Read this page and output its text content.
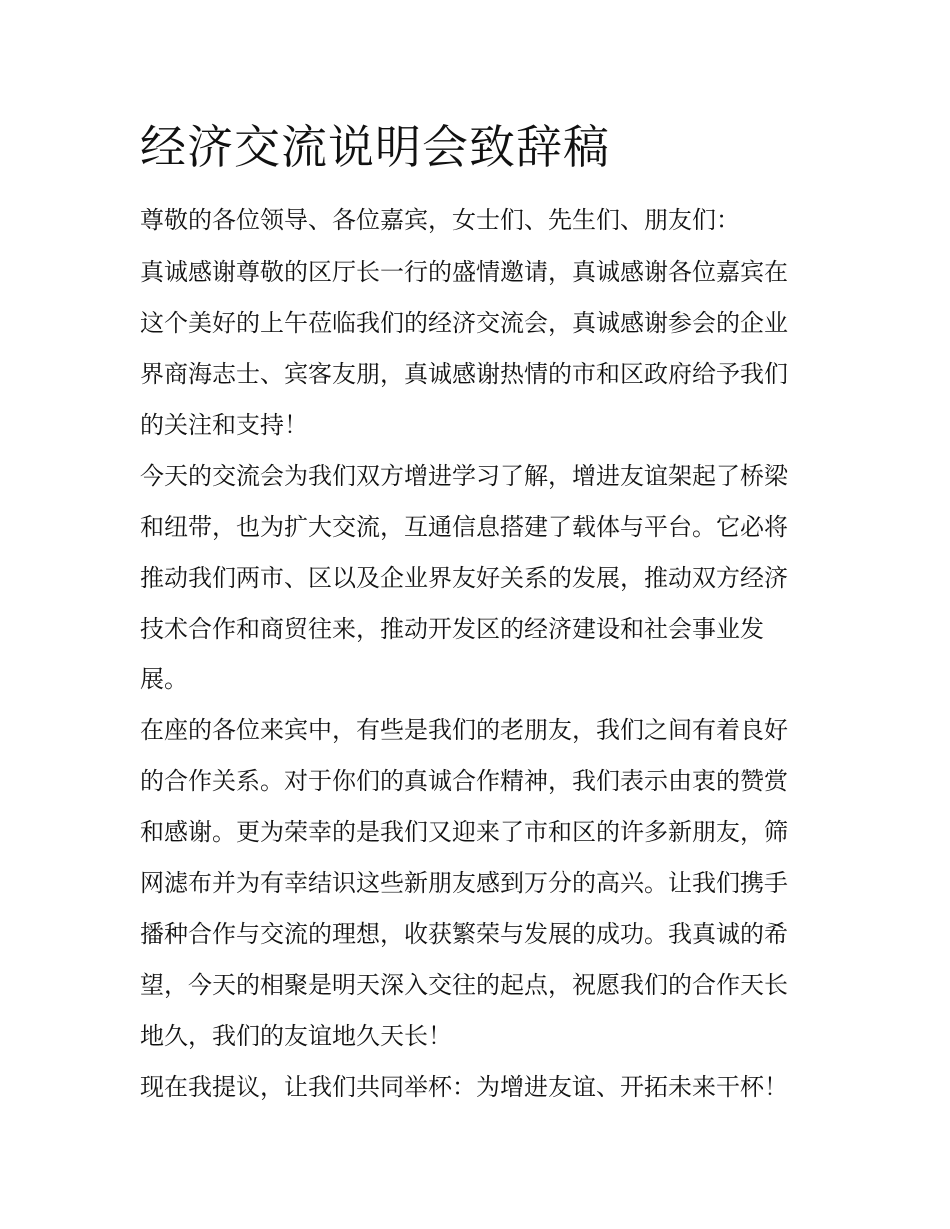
经济交流说明会致辞稿

尊敬的各位领导、各位嘉宾，女士们、先生们、朋友们：

真诚感谢尊敬的区厅长一行的盛情邀请，真诚感谢各位嘉宾在

这个美好的上午莅临我们的经济交流会，真诚感谢参会的企业

界商海志士、宾客友朋，真诚感谢热情的市和区政府给予我们

的关注和支持！

今天的交流会为我们双方增进学习了解，增进友谊架起了桥梁

和纽带，也为扩大交流，互通信息搭建了载体与平台。它必将

推动我们两市、区以及企业界友好关系的发展，推动双方经济

技术合作和商贸往来，推动开发区的经济建设和社会事业发

展。

在座的各位来宾中，有些是我们的老朋友，我们之间有着良好

的合作关系。对于你们的真诚合作精神，我们表示由衷的赞赏

和感谢。更为荣幸的是我们又迎来了市和区的许多新朋友，筛

网滤布并为有幸结识这些新朋友感到万分的高兴。让我们携手

播种合作与交流的理想，收获繁荣与发展的成功。我真诚的希

望，今天的相聚是明天深入交往的起点，祝愿我们的合作天长

地久，我们的友谊地久天长！

现在我提议，让我们共同举杯：为增进友谊、开拓未来干杯！
